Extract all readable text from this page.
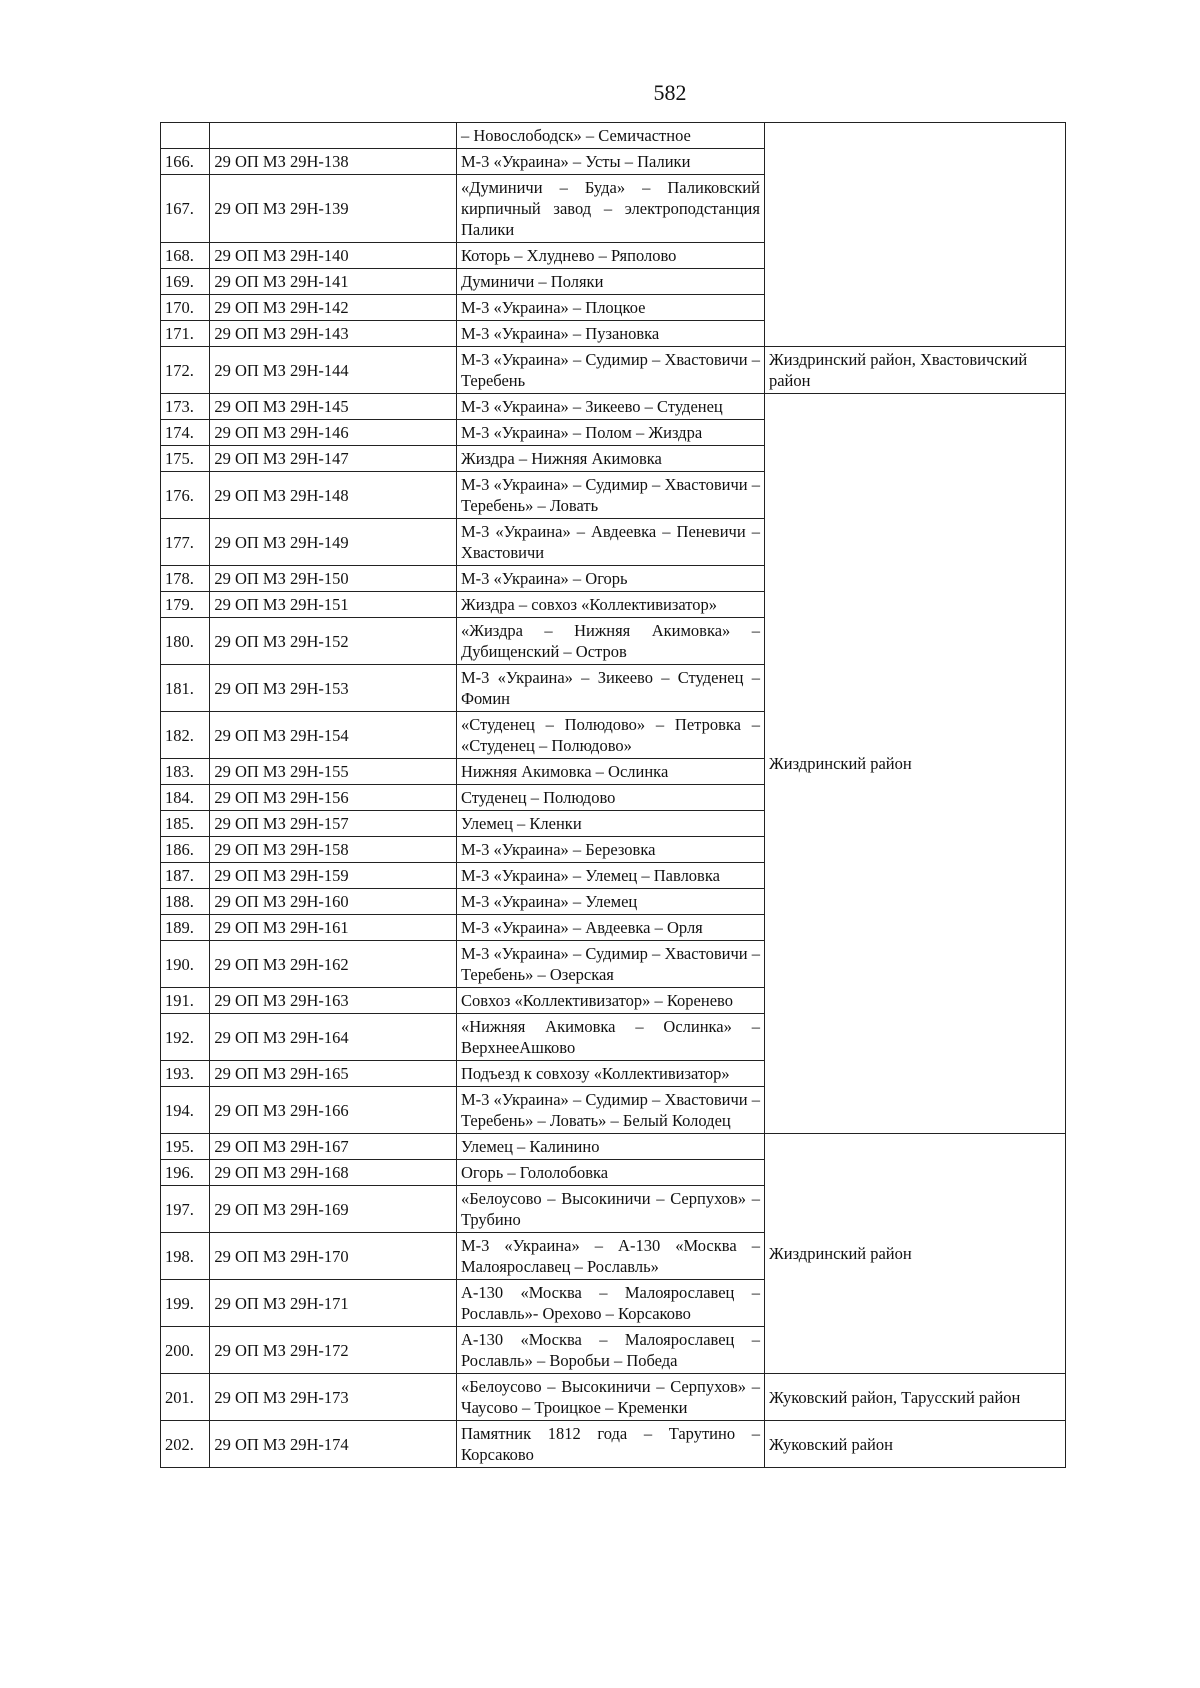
582
		– Новослободск» – Семичастное	
166.	29 ОП МЗ 29Н-138	М-3 «Украина» – Усты – Палики	
167.	29 ОП МЗ 29Н-139	«Думиничи – Буда» – Паликовский кирпичный завод – электроподстанция Палики	
168.	29 ОП МЗ 29Н-140	Которь – Хлуднево – Ряполово	
169.	29 ОП МЗ 29Н-141	Думиничи – Поляки	
170.	29 ОП МЗ 29Н-142	М-3 «Украина» – Плоцкое	
171.	29 ОП МЗ 29Н-143	М-3 «Украина» – Пузановка	
172.	29 ОП МЗ 29Н-144	М-3 «Украина» – Судимир – Хвастовичи – Теребень	Жиздринский район, Хвастовичский район
173.	29 ОП МЗ 29Н-145	М-3 «Украина» – Зикеево – Студенец	Жиздринский район
174.	29 ОП МЗ 29Н-146	М-3 «Украина» – Полом – Жиздра	
175.	29 ОП МЗ 29Н-147	Жиздра – Нижняя Акимовка	
176.	29 ОП МЗ 29Н-148	М-3 «Украина» – Судимир – Хвастовичи – Теребень» – Ловать	
177.	29 ОП МЗ 29Н-149	М-3 «Украина» – Авдеевка – Пеневичи – Хвастовичи	
178.	29 ОП МЗ 29Н-150	М-3 «Украина» – Огорь	
179.	29 ОП МЗ 29Н-151	Жиздра – совхоз «Коллективизатор»	
180.	29 ОП МЗ 29Н-152	«Жиздра – Нижняя Акимовка» – Дубищенский – Остров	
181.	29 ОП МЗ 29Н-153	М-3 «Украина» – Зикеево – Студенец – Фомин	
182.	29 ОП МЗ 29Н-154	«Студенец – Полюдово» – Петровка – «Студенец – Полюдово»	
183.	29 ОП МЗ 29Н-155	Нижняя Акимовка – Ослинка	
184.	29 ОП МЗ 29Н-156	Студенец – Полюдово	
185.	29 ОП МЗ 29Н-157	Улемец – Кленки	
186.	29 ОП МЗ 29Н-158	М-3 «Украина» – Березовка	
187.	29 ОП МЗ 29Н-159	М-3 «Украина» – Улемец – Павловка	
188.	29 ОП МЗ 29Н-160	М-3 «Украина» – Улемец	
189.	29 ОП МЗ 29Н-161	М-3 «Украина» – Авдеевка – Орля	
190.	29 ОП МЗ 29Н-162	М-3 «Украина» – Судимир – Хвастовичи – Теребень» – Озерская	
191.	29 ОП МЗ 29Н-163	Совхоз «Коллективизатор» – Коренево	
192.	29 ОП МЗ 29Н-164	«Нижняя Акимовка – Ослинка» – ВерхнееАшково	
193.	29 ОП МЗ 29Н-165	Подъезд к совхозу «Коллективизатор»	
194.	29 ОП МЗ 29Н-166	М-3 «Украина» – Судимир – Хвастовичи – Теребень» – Ловать» – Белый Колодец	
195.	29 ОП МЗ 29Н-167	Улемец – Калинино	Жиздринский район
196.	29 ОП МЗ 29Н-168	Огорь – Гололобовка	
197.	29 ОП МЗ 29Н-169	«Белоусово – Высокиничи – Серпухов» – Трубино	
198.	29 ОП МЗ 29Н-170	М-3 «Украина» – А-130 «Москва – Малоярославец – Рославль»	
199.	29 ОП МЗ 29Н-171	А-130 «Москва – Малоярославец – Рославль»- Орехово – Корсаково	
200.	29 ОП МЗ 29Н-172	А-130 «Москва – Малоярославец – Рославль» – Воробьи – Победа	
201.	29 ОП МЗ 29Н-173	«Белоусово – Высокиничи – Серпухов» – Чаусово – Троицкое – Кременки	Жуковский район, Тарусский район
202.	29 ОП МЗ 29Н-174	Памятник 1812 года – Тарутино – Корсаково	Жуковский район
